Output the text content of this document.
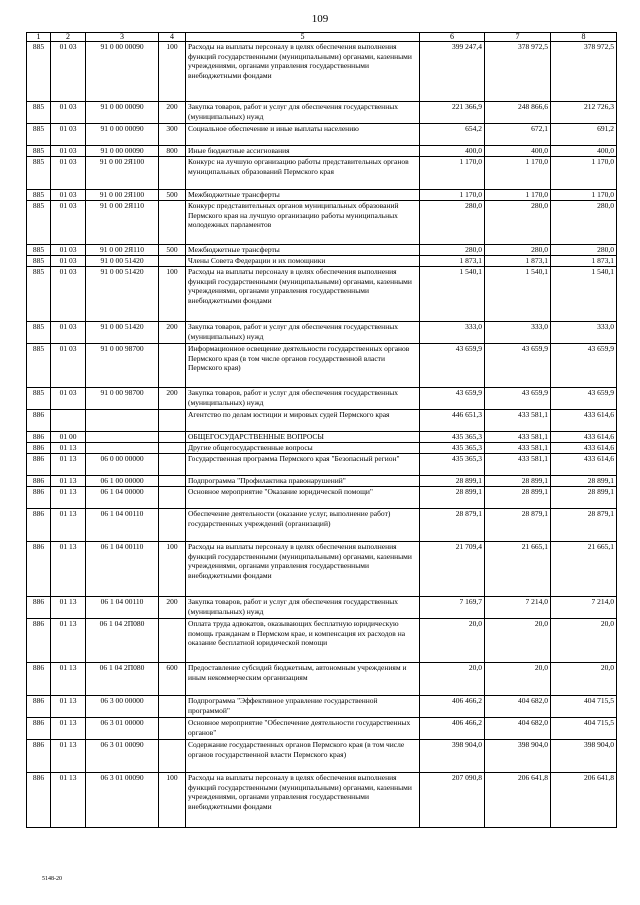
109
1	2	3	4	5	6	7	8
885	01 03	91 0 00 00090	100	Расходы на выплаты персоналу в целях обеспечения выполнения функций государственными (муниципальными) органами, казенными учреждениями, органами управления государственными внебюджетными фондами	399 247,4	378 972,5	378 972,5
885	01 03	91 0 00 00090	200	Закупка товаров, работ и услуг для обеспечения государственных (муниципальных) нужд	221 366,9	248 866,6	212 726,3
885	01 03	91 0 00 00090	300	Социальное обеспечение и иные выплаты населению	654,2	672,1	691,2
885	01 03	91 0 00 00090	800	Иные бюджетные ассигнования	400,0	400,0	400,0
885	01 03	91 0 00 2Я100		Конкурс на лучшую организацию работы представительных органов муниципальных образований Пермского края	1 170,0	1 170,0	1 170,0
885	01 03	91 0 00 2Я100	500	Межбюджетные трансферты	1 170,0	1 170,0	1 170,0
885	01 03	91 0 00 2Я110		Конкурс представительных органов муниципальных образований Пермского края на лучшую организацию работы муниципальных молодежных парламентов	280,0	280,0	280,0
885	01 03	91 0 00 2Я110	500	Межбюджетные трансферты	280,0	280,0	280,0
885	01 03	91 0 00 51420		Члены Совета Федерации и их помощники	1 873,1	1 873,1	1 873,1
885	01 03	91 0 00 51420	100	Расходы на выплаты персоналу в целях обеспечения выполнения функций государственными (муниципальными) органами, казенными учреждениями, органами управления государственными внебюджетными фондами	1 540,1	1 540,1	1 540,1
885	01 03	91 0 00 51420	200	Закупка товаров, работ и услуг для обеспечения государственных (муниципальных) нужд	333,0	333,0	333,0
885	01 03	91 0 00 98700		Информационное освещение деятельности государственных органов Пермского края (в том числе органов государственной власти Пермского края)	43 659,9	43 659,9	43 659,9
885	01 03	91 0 00 98700	200	Закупка товаров, работ и услуг для обеспечения государственных (муниципальных) нужд	43 659,9	43 659,9	43 659,9
886				Агентство по делам юстиции и мировых судей Пермского края	446 651,3	433 581,1	433 614,6
886	01 00			ОБЩЕГОСУДАРСТВЕННЫЕ ВОПРОСЫ	435 365,3	433 581,1	433 614,6
886	01 13			Другие общегосударственные вопросы	435 365,3	433 581,1	433 614,6
886	01 13	06 0 00 00000		Государственная программа Пермского края "Безопасный регион"	435 365,3	433 581,1	433 614,6
886	01 13	06 1 00 00000		Подпрограмма "Профилактика правонарушений"	28 899,1	28 899,1	28 899,1
886	01 13	06 1 04 00000		Основное мероприятие "Оказание юридической помощи"	28 899,1	28 899,1	28 899,1
886	01 13	06 1 04 00110		Обеспечение деятельности (оказание услуг, выполнение работ) государственных учреждений (организаций)	28 879,1	28 879,1	28 879,1
886	01 13	06 1 04 00110	100	Расходы на выплаты персоналу в целях обеспечения выполнения функций государственными (муниципальными) органами, казенными учреждениями, органами управления государственными внебюджетными фондами	21 709,4	21 665,1	21 665,1
886	01 13	06 1 04 00110	200	Закупка товаров, работ и услуг для обеспечения государственных (муниципальных) нужд	7 169,7	7 214,0	7 214,0
886	01 13	06 1 04 2П080		Оплата труда адвокатов, оказывающих бесплатную юридическую помощь гражданам в Пермском крае, и компенсация их расходов на оказание бесплатной юридической помощи	20,0	20,0	20,0
886	01 13	06 1 04 2П080	600	Предоставление субсидий бюджетным, автономным учреждениям и иным некоммерческим организациям	20,0	20,0	20,0
886	01 13	06 3 00 00000		Подпрограмма "Эффективное управление государственной программой"	406 466,2	404 682,0	404 715,5
886	01 13	06 3 01 00000		Основное мероприятие "Обеспечение деятельности государственных органов"	406 466,2	404 682,0	404 715,5
886	01 13	06 3 01 00090		Содержание государственных органов Пермского края (в том числе органов государственной власти Пермского края)	398 904,0	398 904,0	398 904,0
886	01 13	06 3 01 00090	100	Расходы на выплаты персоналу в целях обеспечения выполнения функций государственными (муниципальными) органами, казенными учреждениями, органами управления государственными внебюджетными фондами	207 090,8	206 641,8	206 641,8
5148-20
